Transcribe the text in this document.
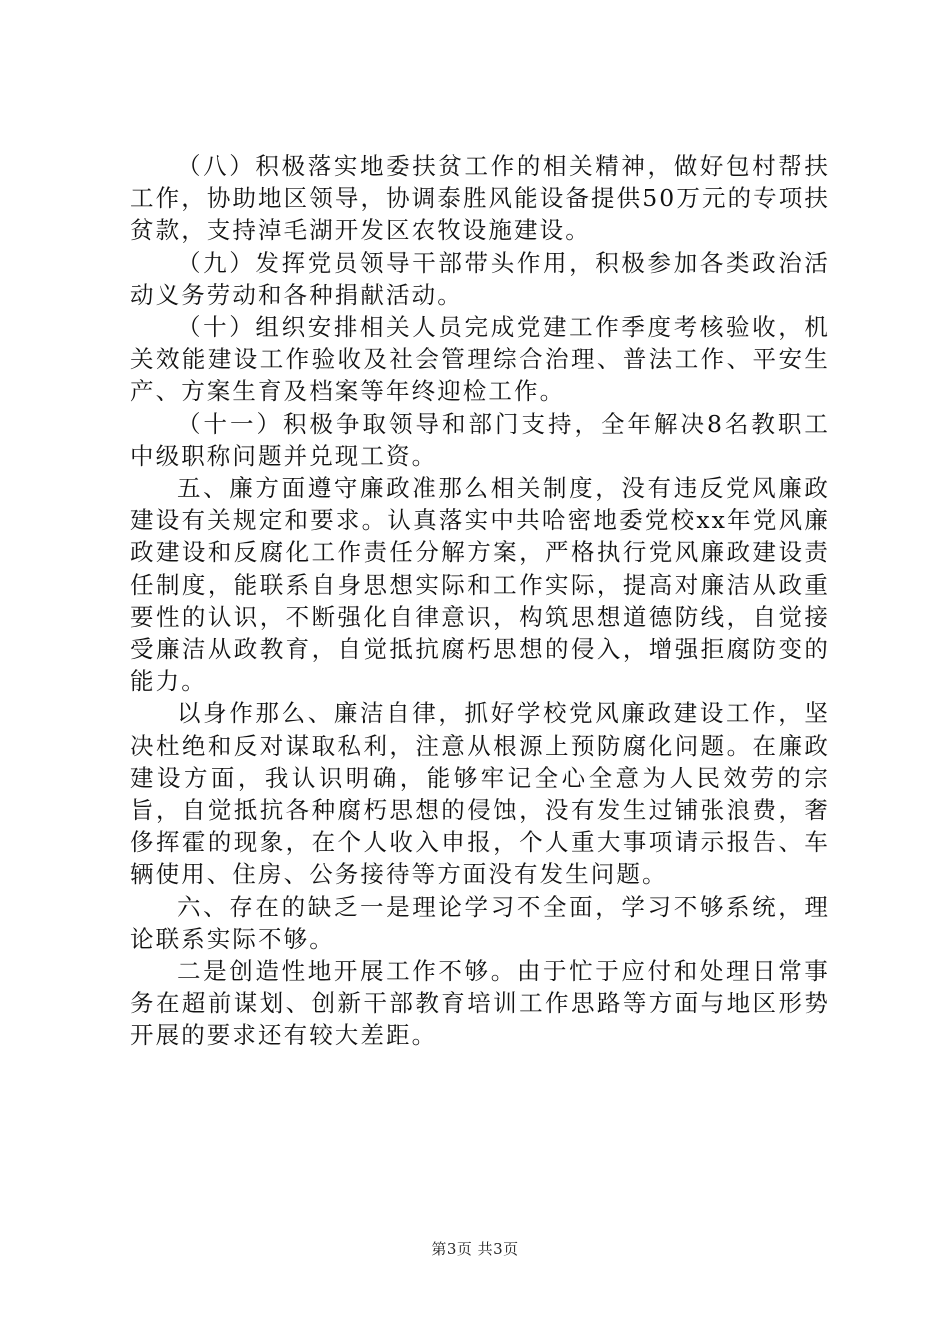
（八）积极落实地委扶贫工作的相关精神，做好包村帮扶工作，协助地区领导，协调泰胜风能设备提供50万元的专项扶贫款，支持淖毛湖开发区农牧设施建设。

（九）发挥党员领导干部带头作用，积极参加各类政治活动义务劳动和各种捐献活动。

（十）组织安排相关人员完成党建工作季度考核验收，机关效能建设工作验收及社会管理综合治理、普法工作、平安生产、方案生育及档案等年终迎检工作。

（十一）积极争取领导和部门支持，全年解决8名教职工中级职称问题并兑现工资。

五、廉方面遵守廉政准那么相关制度，没有违反党风廉政建设有关规定和要求。认真落实中共哈密地委党校xx年党风廉政建设和反腐化工作责任分解方案，严格执行党风廉政建设责任制度，能联系自身思想实际和工作实际，提高对廉洁从政重要性的认识，不断强化自律意识，构筑思想道德防线，自觉接受廉洁从政教育，自觉抵抗腐朽思想的侵入，增强拒腐防变的能力。

以身作那么、廉洁自律，抓好学校党风廉政建设工作，坚决杜绝和反对谋取私利，注意从根源上预防腐化问题。在廉政建设方面，我认识明确，能够牢记全心全意为人民效劳的宗旨，自觉抵抗各种腐朽思想的侵蚀，没有发生过铺张浪费，奢侈挥霍的现象，在个人收入申报，个人重大事项请示报告、车辆使用、住房、公务接待等方面没有发生问题。

六、存在的缺乏一是理论学习不全面，学习不够系统，理论联系实际不够。

二是创造性地开展工作不够。由于忙于应付和处理日常事务在超前谋划、创新干部教育培训工作思路等方面与地区形势开展的要求还有较大差距。

第3页 共3页
